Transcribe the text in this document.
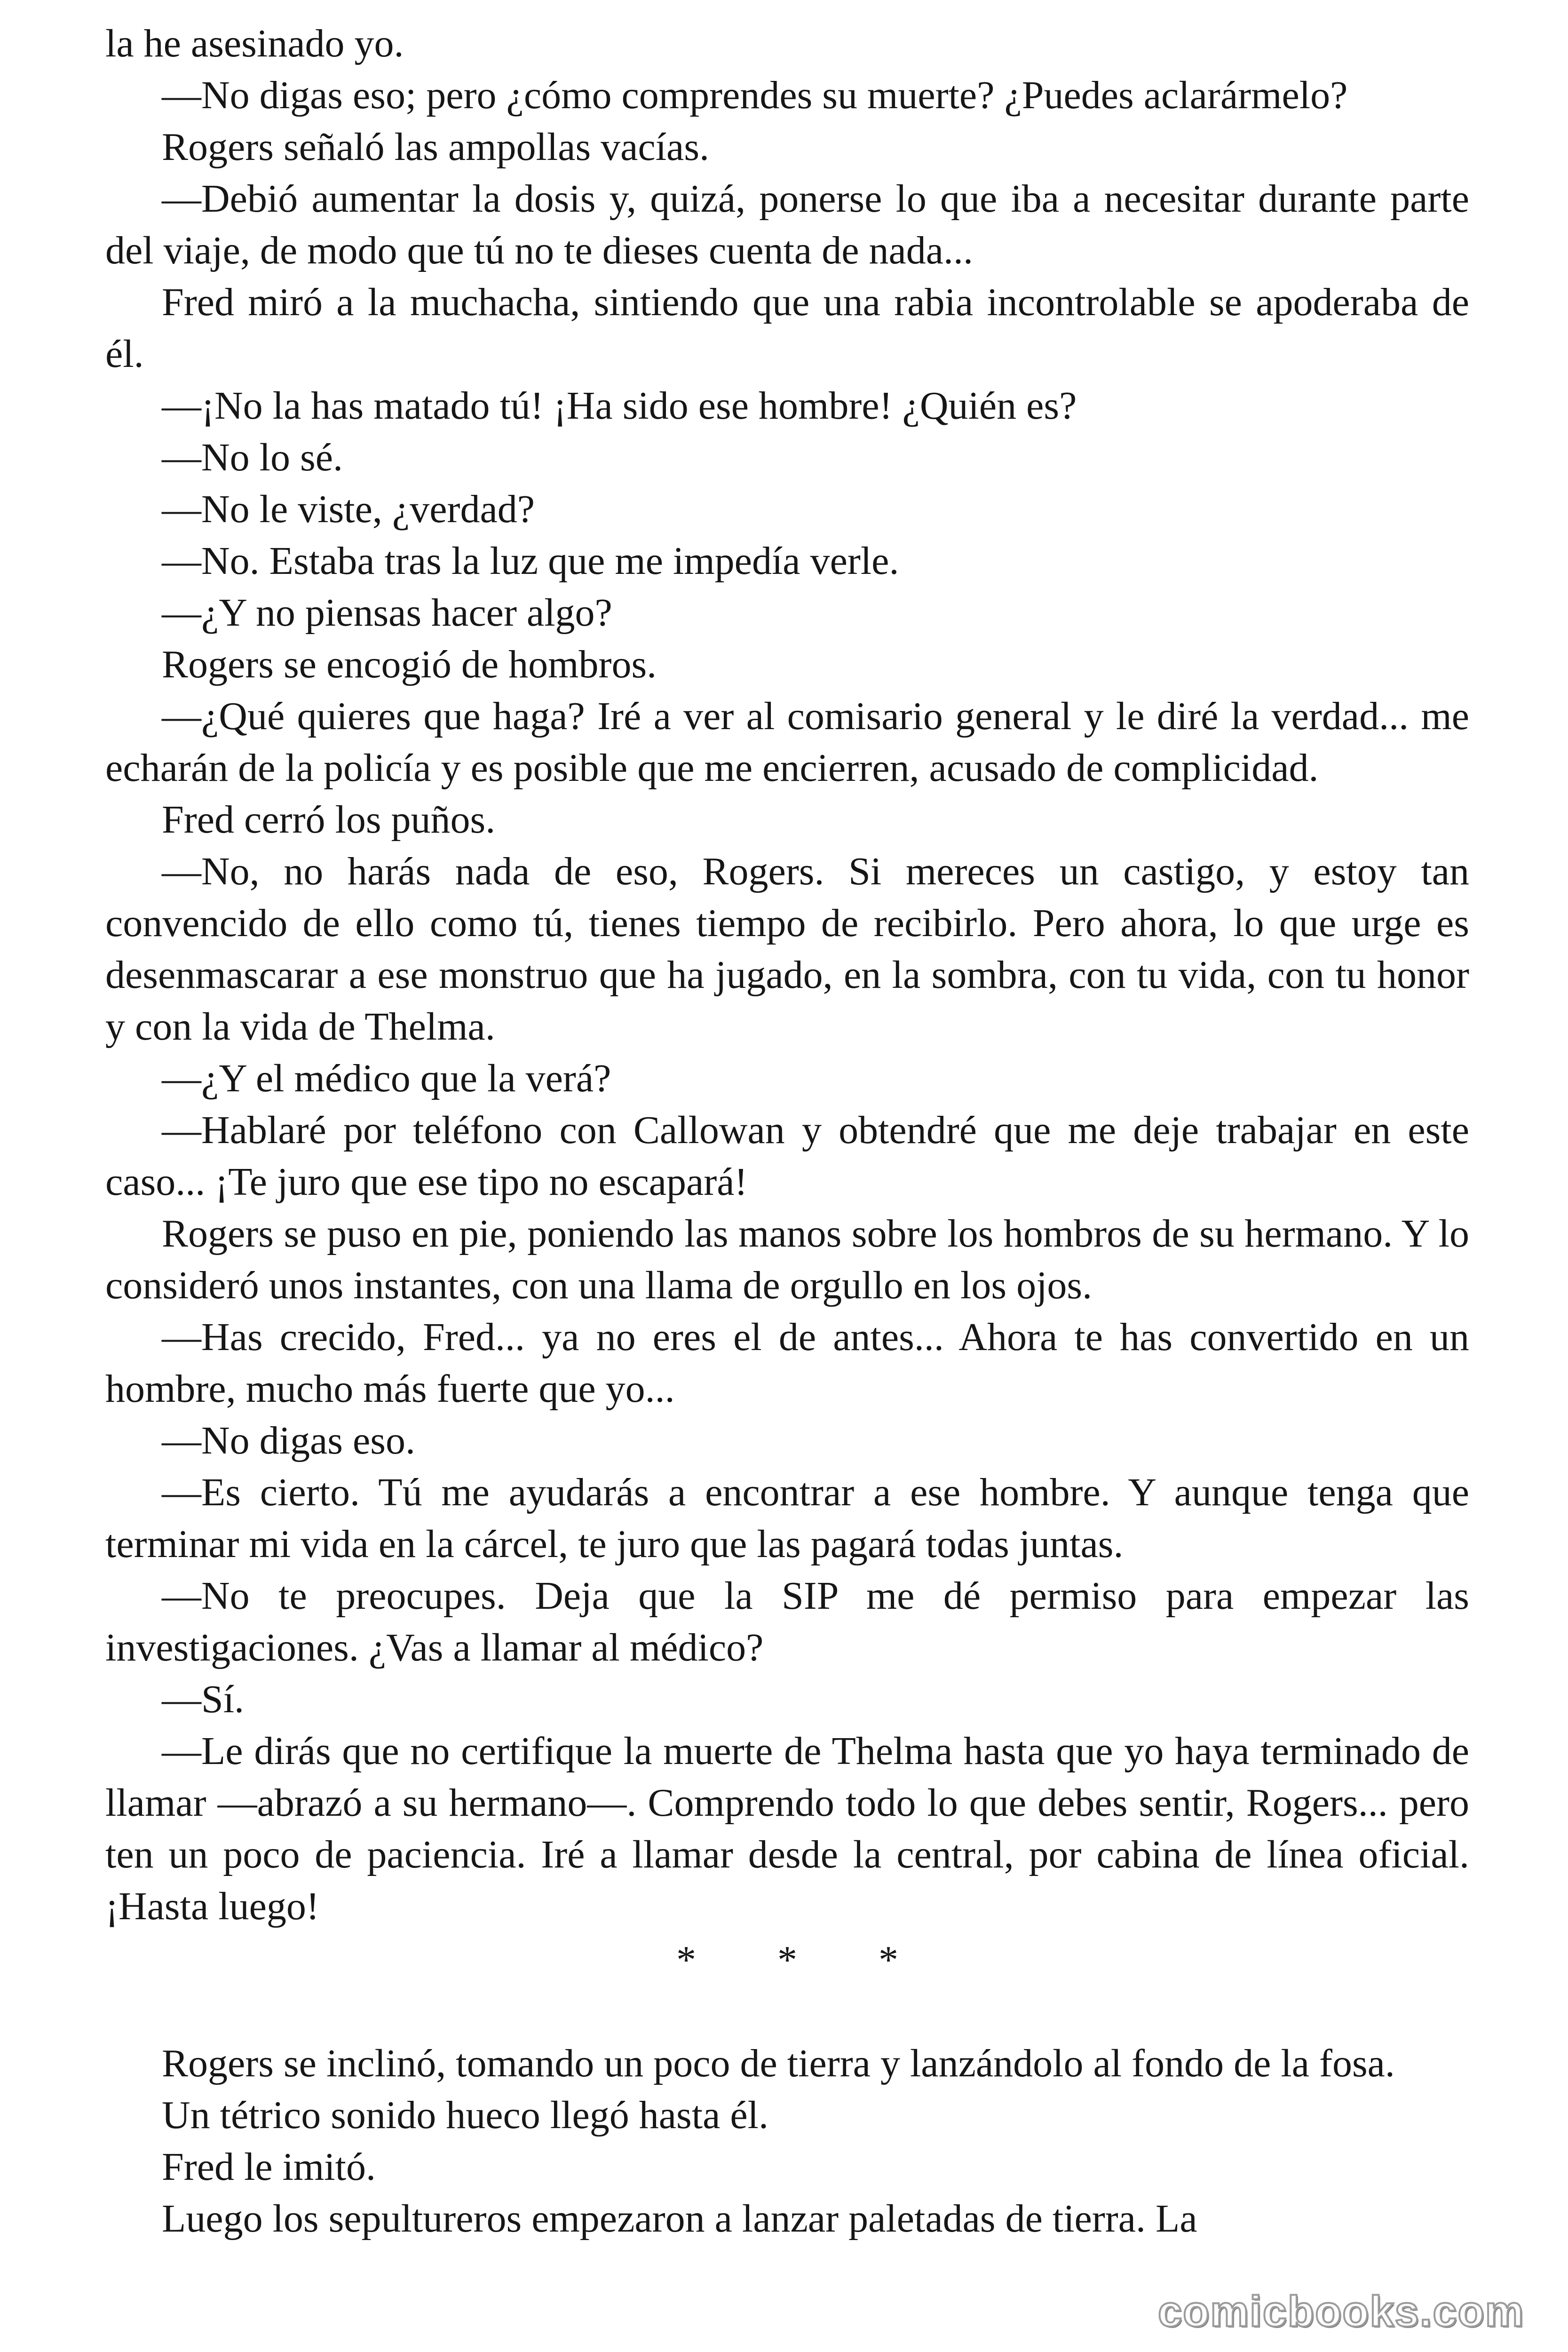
la he asesinado yo.

—No digas eso; pero ¿cómo comprendes su muerte? ¿Puedes aclarármelo?

Rogers señaló las ampollas vacías.

—Debió aumentar la dosis y, quizá, ponerse lo que iba a necesitar durante parte del viaje, de modo que tú no te dieses cuenta de nada...

Fred miró a la muchacha, sintiendo que una rabia incontrolable se apoderaba de él.

—¡No la has matado tú! ¡Ha sido ese hombre! ¿Quién es?

—No lo sé.

—No le viste, ¿verdad?

—No. Estaba tras la luz que me impedía verle.

—¿Y no piensas hacer algo?

Rogers se encogió de hombros.

—¿Qué quieres que haga? Iré a ver al comisario general y le diré la verdad... me echarán de la policía y es posible que me encierren, acusado de complicidad.

Fred cerró los puños.

—No, no harás nada de eso, Rogers. Si mereces un castigo, y estoy tan convencido de ello como tú, tienes tiempo de recibirlo. Pero ahora, lo que urge es desenmascarar a ese monstruo que ha jugado, en la sombra, con tu vida, con tu honor y con la vida de Thelma.

—¿Y el médico que la verá?

—Hablaré por teléfono con Callowan y obtendré que me deje trabajar en este caso... ¡Te juro que ese tipo no escapará!

Rogers se puso en pie, poniendo las manos sobre los hombros de su hermano. Y lo consideró unos instantes, con una llama de orgullo en los ojos.

—Has crecido, Fred... ya no eres el de antes... Ahora te has convertido en un hombre, mucho más fuerte que yo...

—No digas eso.

—Es cierto. Tú me ayudarás a encontrar a ese hombre. Y aunque tenga que terminar mi vida en la cárcel, te juro que las pagará todas juntas.

—No te preocupes. Deja que la SIP me dé permiso para empezar las investigaciones. ¿Vas a llamar al médico?

—Sí.

—Le dirás que no certifique la muerte de Thelma hasta que yo haya terminado de llamar —abrazó a su hermano—. Comprendo todo lo que debes sentir, Rogers... pero ten un poco de paciencia. Iré a llamar desde la central, por cabina de línea oficial. ¡Hasta luego!

* * *

Rogers se inclinó, tomando un poco de tierra y lanzándolo al fondo de la fosa.

Un tétrico sonido hueco llegó hasta él.

Fred le imitó.

Luego los sepultureros empezaron a lanzar paletadas de tierra. La

comicbooks.com
